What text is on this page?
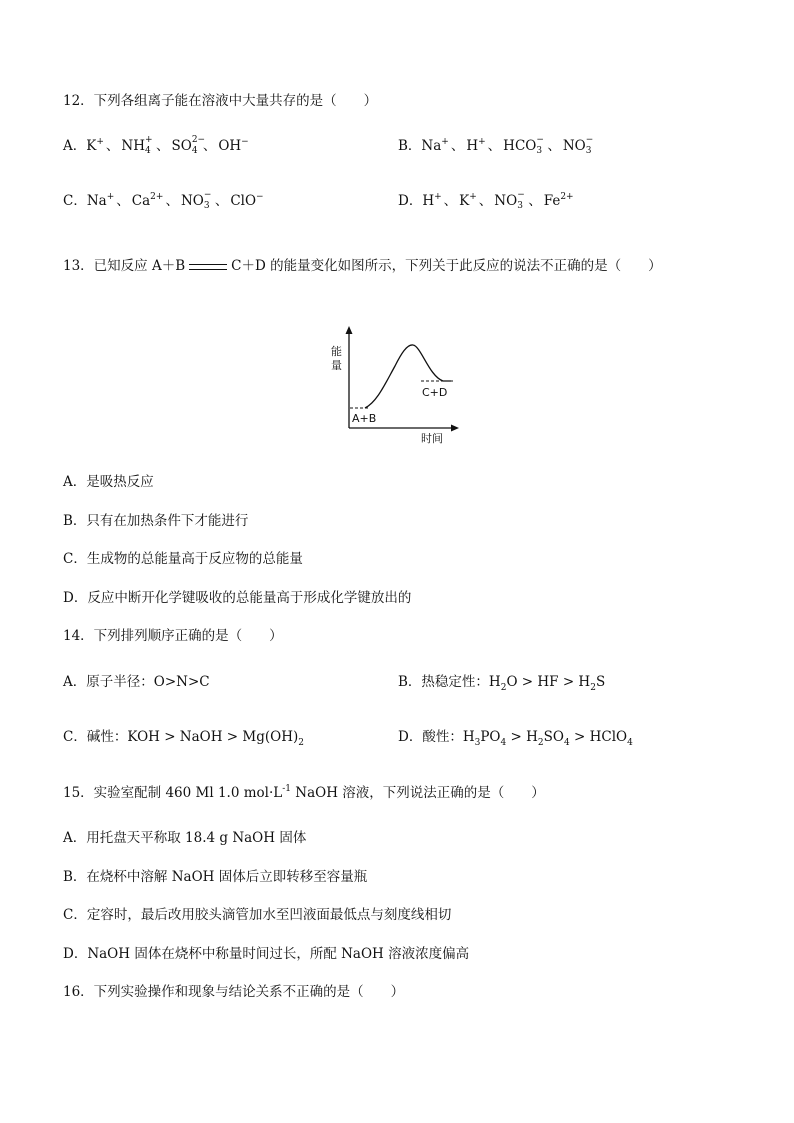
12．下列各组离子能在溶液中大量共存的是（　　）
A．K+ 、 NH +
4 、 SO 2−
4 、 OH−	B．Na+ 、 H+ 、 HCO −
3 、 NO −
3
C．Na+ 、 $Ca^{2+}$ 、 NO −
3 、 ClO−	D．H+ 、 K+ 、 NO −
3 、 $Fe^{2+}$
13．已知反应 A＋B	C＋D 的能量变化如图所示，下列关于此反应的说法不正确的是（　　）
能
量
时间
A+B
C+D
A．是吸热反应
B．只有在加热条件下才能进行
C．生成物的总能量高于反应物的总能量
D．反应中断开化学键吸收的总能量高于形成化学键放出的
14．下列排列顺序正确的是（　　）
A．原子半径：O>N>C	B．热稳定性：$H_2O$ > HF > $H_2S$
C．碱性：KOH > NaOH > $Mg(OH)_2$	D．酸性：$H_3PO_4 > H_2SO_4$ > HClO$_4$
15．实验室配制 460 Ml 1.0 $mol\cdot L^{-1}$ NaOH 溶液，下列说法正确的是（　　）
A．用托盘天平称取 18.4 g NaOH 固体
B．在烧杯中溶解 NaOH 固体后立即转移至容量瓶
C．定容时，最后改用胶头滴管加水至凹液面最低点与刻度线相切
D．NaOH 固体在烧杯中称量时间过长，所配 NaOH 溶液浓度偏高
16．下列实验操作和现象与结论关系不正确的是（　　）
